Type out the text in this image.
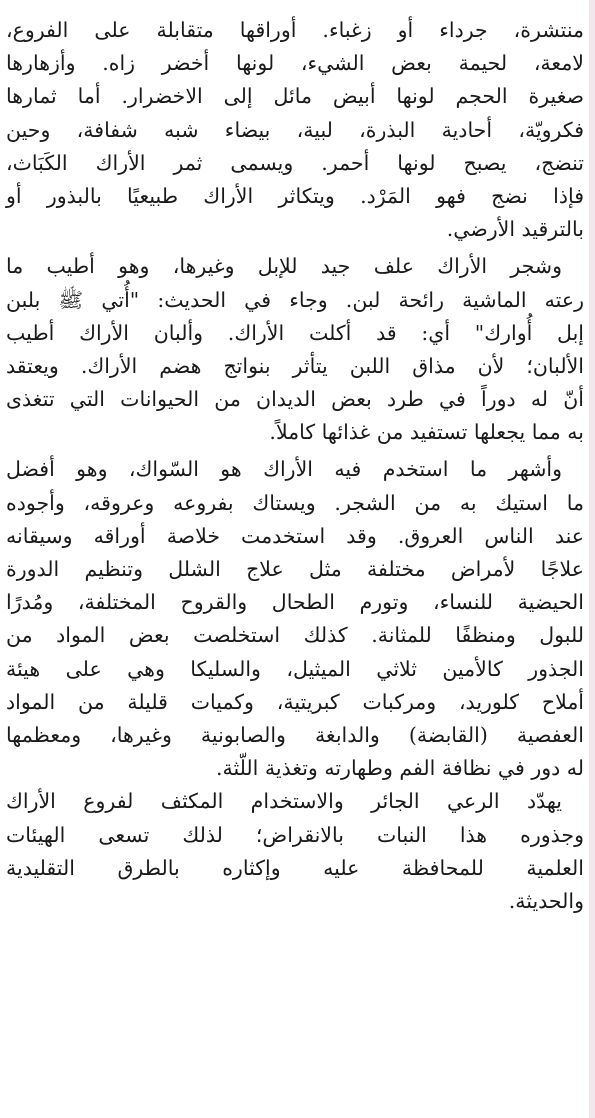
منتشرة، جرداء أو زغباء. أوراقها متقابلة على الفروع،
لامعة، لحيمة بعض الشيء، لونها أخضر زاه. وأزهارها
صغيرة الحجم لونها أبيض مائل إلى الاخضرار. أما ثمارها
فكرويّة، أحادية البذرة، لبية، بيضاء شبه شفافة، وحين
تنضج، يصبح لونها أحمر. ويسمى ثمر الأراك الكَبَاث،
فإذا نضج فهو المَرْد. ويتكاثر الأراك طبيعيًا بالبذور أو
بالترقيد الأرضي.
وشجر الأراك علف جيد للإبل وغيرها، وهو أطيب ما
رعته الماشية رائحة لبن. وجاء في الحديث: "أُتي ﷺ بلبن
إبل أُوارك" أي: قد أكلت الأراك. وألبان الأراك أطيب
الألبان؛ لأن مذاق اللبن يتأثر بنواتج هضم الأراك. ويعتقد
أنّ له دوراً في طرد بعض الديدان من الحيوانات التي تتغذى
به مما يجعلها تستفيد من غذائها كاملاً.
وأشهر ما استخدم فيه الأراك هو السّواك، وهو أفضل
ما استيك به من الشجر. ويستاك بفروعه وعروقه، وأجوده
عند الناس العروق. وقد استخدمت خلاصة أوراقه وسيقانه
علاجًا لأمراض مختلفة مثل علاج الشلل وتنظيم الدورة
الحيضية للنساء، وتورم الطحال والقروح المختلفة، ومُدرًا
للبول ومنظفًا للمثانة. كذلك استخلصت بعض المواد من
الجذور كالأمين ثلاثي الميثيل، والسليكا وهي على هيئة
أملاح كلوريد، ومركبات كبريتية، وكميات قليلة من المواد
العفصية (القابضة) والدابغة والصابونية وغيرها، ومعظمها
له دور في نظافة الفم وطهارته وتغذية اللّثة.
يهدّد الرعي الجائر والاستخدام المكثف لفروع الأراك
وجذوره هذا النبات بالانقراض؛ لذلك تسعى الهيئات
العلمية للمحافظة عليه وإكثاره بالطرق التقليدية
والحديثة.
